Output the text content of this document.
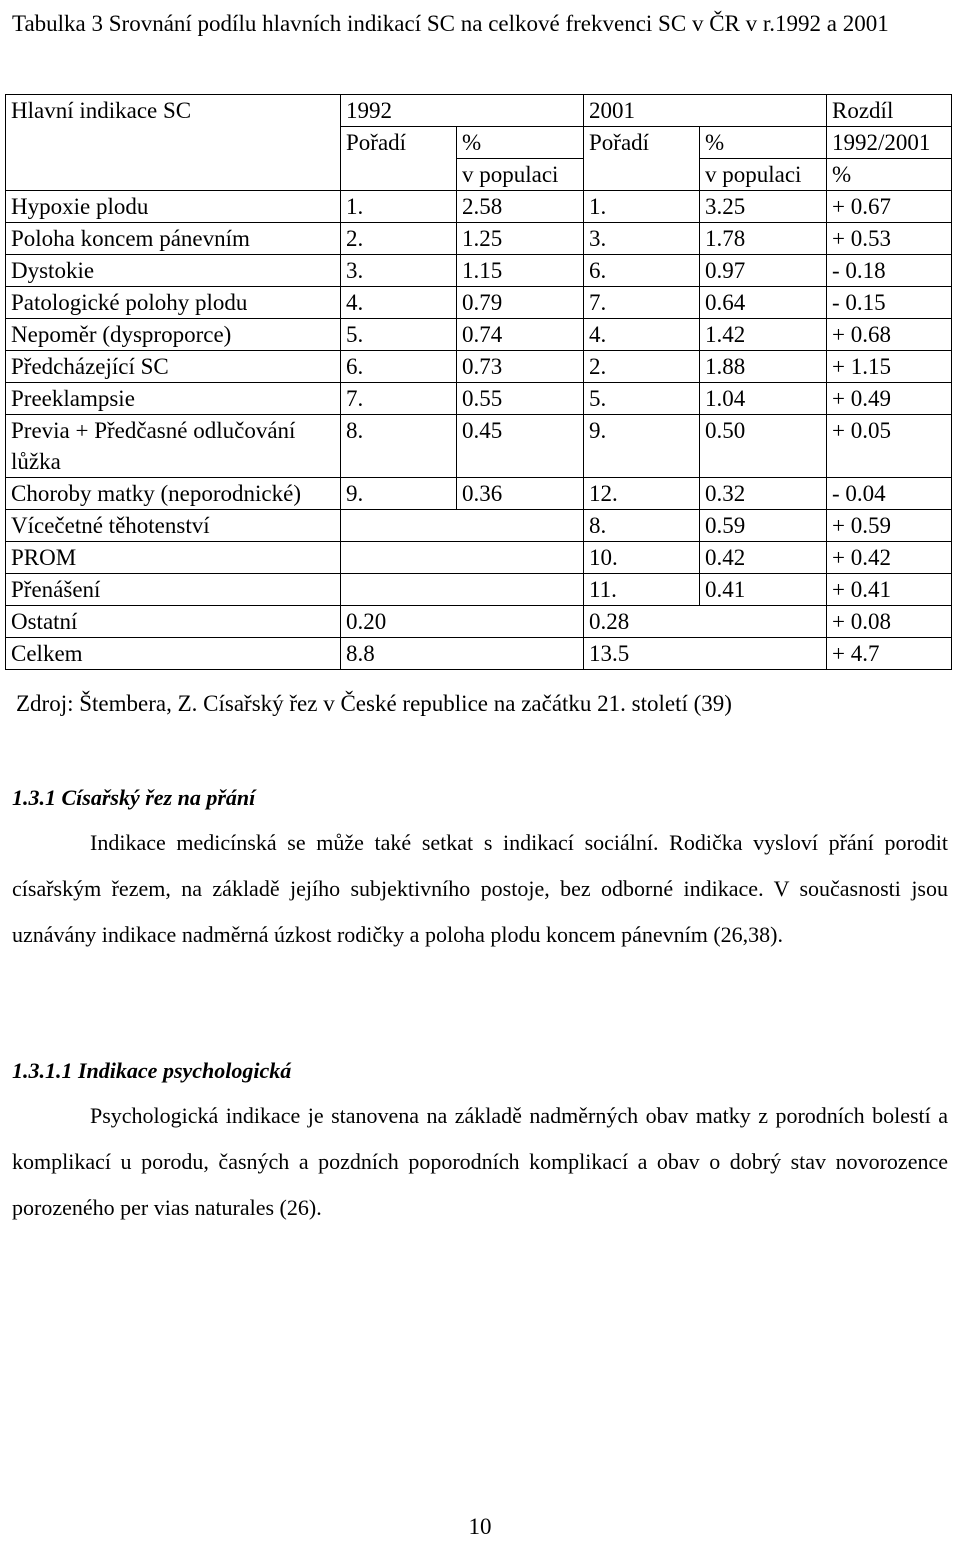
Tabulka 3 Srovnání podílu hlavních indikací SC na celkové frekvenci SC v ČR v r.1992 a 2001
Hlavní indikace SC	1992		2001		Rozdíl
	Pořadí	%	Pořadí	%	1992/2001
		v populaci		v populaci	%
Hypoxie plodu	1.	2.58	1.	3.25	+ 0.67
Poloha koncem pánevním	2.	1.25	3.	1.78	+ 0.53
Dystokie	3.	1.15	6.	0.97	- 0.18
Patologické polohy plodu	4.	0.79	7.	0.64	- 0.15
Nepoměr (dysproporce)	5.	0.74	4.	1.42	+ 0.68
Předcházející SC	6.	0.73	2.	1.88	+ 1.15
Preeklampsie	7.	0.55	5.	1.04	+ 0.49
Previa + Předčasné odlučování lůžka	8.	0.45	9.	0.50	+ 0.05
Choroby matky (neporodnické)	9.	0.36	12.	0.32	- 0.04
Vícečetné těhotenství			8.	0.59	+ 0.59
PROM			10.	0.42	+ 0.42
Přenášení			11.	0.41	+ 0.41
Ostatní	0.20		0.28		+ 0.08
Celkem	8.8		13.5		+ 4.7
Zdroj: Štembera, Z. Císařský řez v České republice na začátku 21. století (39)
1.3.1 Císařský řez na přání
Indikace medicínská se může také setkat s indikací sociální. Rodička vysloví přání porodit císařským řezem, na základě jejího subjektivního postoje, bez odborné indikace. V současnosti jsou uznávány indikace nadměrná úzkost rodičky a poloha plodu koncem pánevním (26,38).
1.3.1.1 Indikace psychologická
Psychologická indikace je stanovena na základě nadměrných obav matky z porodních bolestí a komplikací u porodu, časných a pozdních poporodních komplikací a obav o dobrý stav novorozence porozeného per vias naturales (26).
10
